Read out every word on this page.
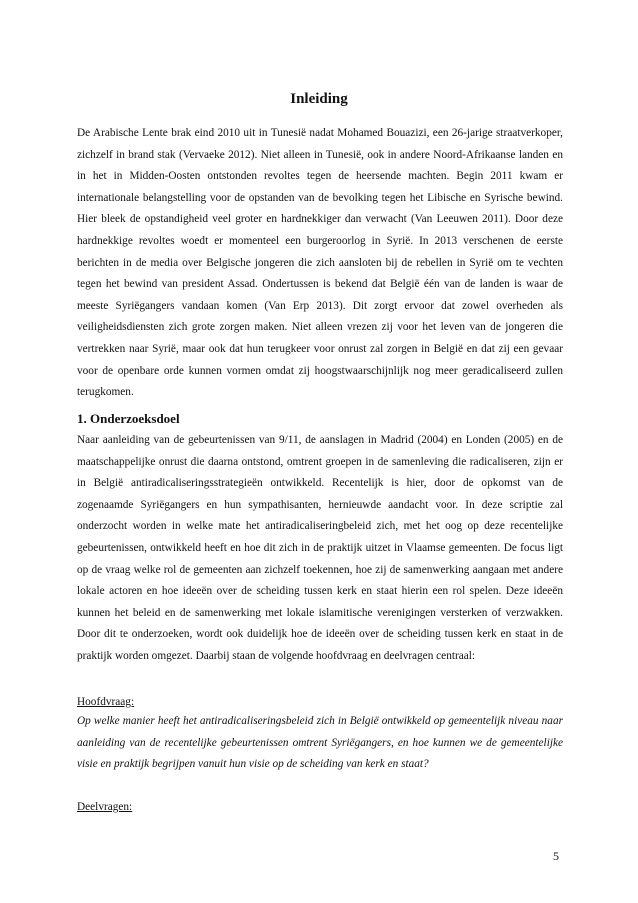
Inleiding

De Arabische Lente brak eind 2010 uit in Tunesië nadat Mohamed Bouazizi, een 26-jarige straatverkoper, zichzelf in brand stak (Vervaeke 2012). Niet alleen in Tunesië, ook in andere Noord-Afrikaanse landen en in het in Midden-Oosten ontstonden revoltes tegen de heersende machten. Begin 2011 kwam er internationale belangstelling voor de opstanden van de bevolking tegen het Libische en Syrische bewind. Hier bleek de opstandigheid veel groter en hardnekkiger dan verwacht (Van Leeuwen 2011). Door deze hardnekkige revoltes woedt er momenteel een burgeroorlog in Syrië. In 2013 verschenen de eerste berichten in de media over Belgische jongeren die zich aansloten bij de rebellen in Syrië om te vechten tegen het bewind van president Assad. Ondertussen is bekend dat België één van de landen is waar de meeste Syriëgangers vandaan komen (Van Erp 2013). Dit zorgt ervoor dat zowel overheden als veiligheidsdiensten zich grote zorgen maken. Niet alleen vrezen zij voor het leven van de jongeren die vertrekken naar Syrië, maar ook dat hun terugkeer voor onrust zal zorgen in België en dat zij een gevaar voor de openbare orde kunnen vormen omdat zij hoogstwaarschijnlijk nog meer geradicaliseerd zullen terugkomen.

1. Onderzoeksdoel

Naar aanleiding van de gebeurtenissen van 9/11, de aanslagen in Madrid (2004) en Londen (2005) en de maatschappelijke onrust die daarna ontstond, omtrent groepen in de samenleving die radicaliseren, zijn er in België antiradicaliseringsstrategieën ontwikkeld. Recentelijk is hier, door de opkomst van de zogenaamde Syriëgangers en hun sympathisanten, hernieuwde aandacht voor. In deze scriptie zal onderzocht worden in welke mate het antiradicaliseringbeleid zich, met het oog op deze recentelijke gebeurtenissen, ontwikkeld heeft en hoe dit zich in de praktijk uitzet in Vlaamse gemeenten. De focus ligt op de vraag welke rol de gemeenten aan zichzelf toekennen, hoe zij de samenwerking aangaan met andere lokale actoren en hoe ideeën over de scheiding tussen kerk en staat hierin een rol spelen. Deze ideeën kunnen het beleid en de samenwerking met lokale islamitische verenigingen versterken of verzwakken. Door dit te onderzoeken, wordt ook duidelijk hoe de ideeën over de scheiding tussen kerk en staat in de praktijk worden omgezet. Daarbij staan de volgende hoofdvraag en deelvragen centraal:

Hoofdvraag:

Op welke manier heeft het antiradicaliseringsbeleid zich in België ontwikkeld op gemeentelijk niveau naar aanleiding van de recentelijke gebeurtenissen omtrent Syriëgangers, en hoe kunnen we de gemeentelijke visie en praktijk begrijpen vanuit hun visie op de scheiding van kerk en staat?

Deelvragen:

5
